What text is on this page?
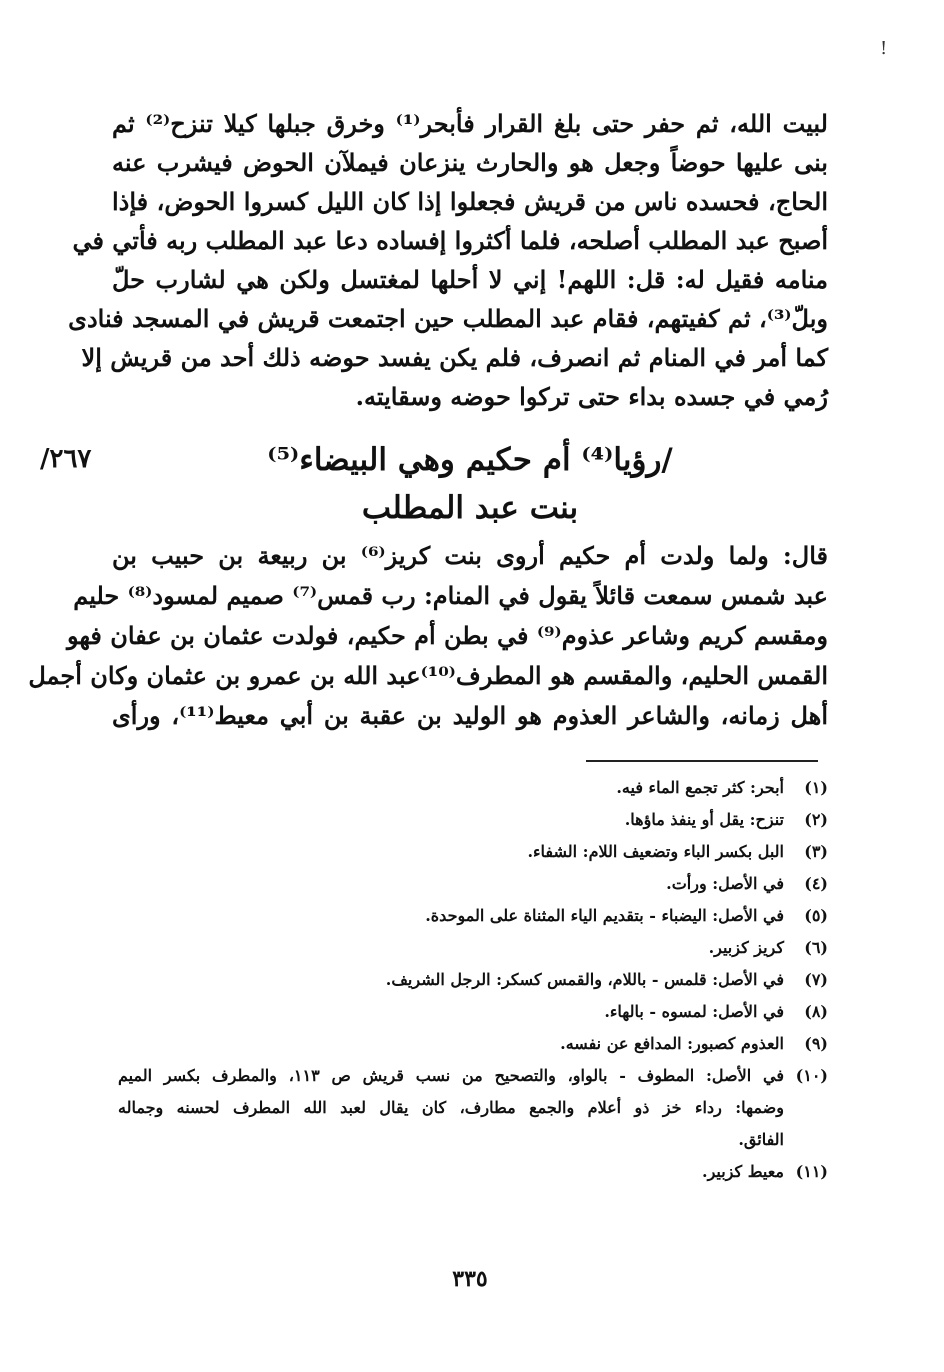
!
لبيت الله، ثم حفر حتى بلغ القرار فأبحر⁽¹⁾ وخرق جبلها كيلا تنزح⁽²⁾ ثم
بنى عليها حوضاً وجعل هو والحارث ينزعان فيملآن الحوض فيشرب عنه
الحاج، فحسده ناس من قريش فجعلوا إذا كان الليل كسروا الحوض، فإذا
أصبح عبد المطلب أصلحه، فلما أكثروا إفساده دعا عبد المطلب ربه فأتي في
منامه فقيل له: قل: اللهم! إني لا أحلها لمغتسل ولكن هي لشارب حلّ
وبلّ⁽³⁾، ثم كفيتهم، فقام عبد المطلب حين اجتمعت قريش في المسجد فنادى
كما أمر في المنام ثم انصرف، فلم يكن يفسد حوضه ذلك أحد من قريش إلا
رُمي في جسده بداء حتى تركوا حوضه وسقايته.
٢٦٧/	/رؤيا⁽⁴⁾ أم حكيم وهي البيضاء⁽⁵⁾
بنت عبد المطلب
قال: ولما ولدت أم حكيم أروى بنت كريز⁽⁶⁾ بن ربيعة بن حبيب بن
عبد شمس سمعت قائلاً يقول في المنام: رب قمس⁽⁷⁾ صميم لمسود⁽⁸⁾ حليم
ومقسم كريم وشاعر عذوم⁽⁹⁾ في بطن أم حكيم، فولدت عثمان بن عفان فهو
القمس الحليم، والمقسم هو المطرف⁽¹⁰⁾عبد الله بن عمرو بن عثمان وكان أجمل
أهل زمانه، والشاعر العذوم هو الوليد بن عقبة بن أبي معيط⁽¹¹⁾، ورأى
(١)
أبحر: كثر تجمع الماء فيه.
(٢)
تنزح: يقل أو ينفذ ماؤها.
(٣)
البل بكسر الباء وتضعيف اللام: الشفاء.
(٤)
في الأصل: ورأت.
(٥)
في الأصل: اليضباء - بتقديم الياء المثناة على الموحدة.
(٦)
كريز كزبير.
(٧)
في الأصل: قلمس - باللام، والقمس كسكر: الرجل الشريف.
(٨)
في الأصل: لمسوه - بالهاء.
(٩)
العذوم كصبور: المدافع عن نفسه.
(١٠)
في الأصل: المطوف - بالواو، والتصحيح من نسب قريش ص ١١٣، والمطرف بكسر الميم
وضمها: رداء خز ذو أعلام والجمع مطارف، كان يقال لعبد الله المطرف لحسنه وجماله
الفائق.
(١١)
معيط كزبير.
٣٣٥
